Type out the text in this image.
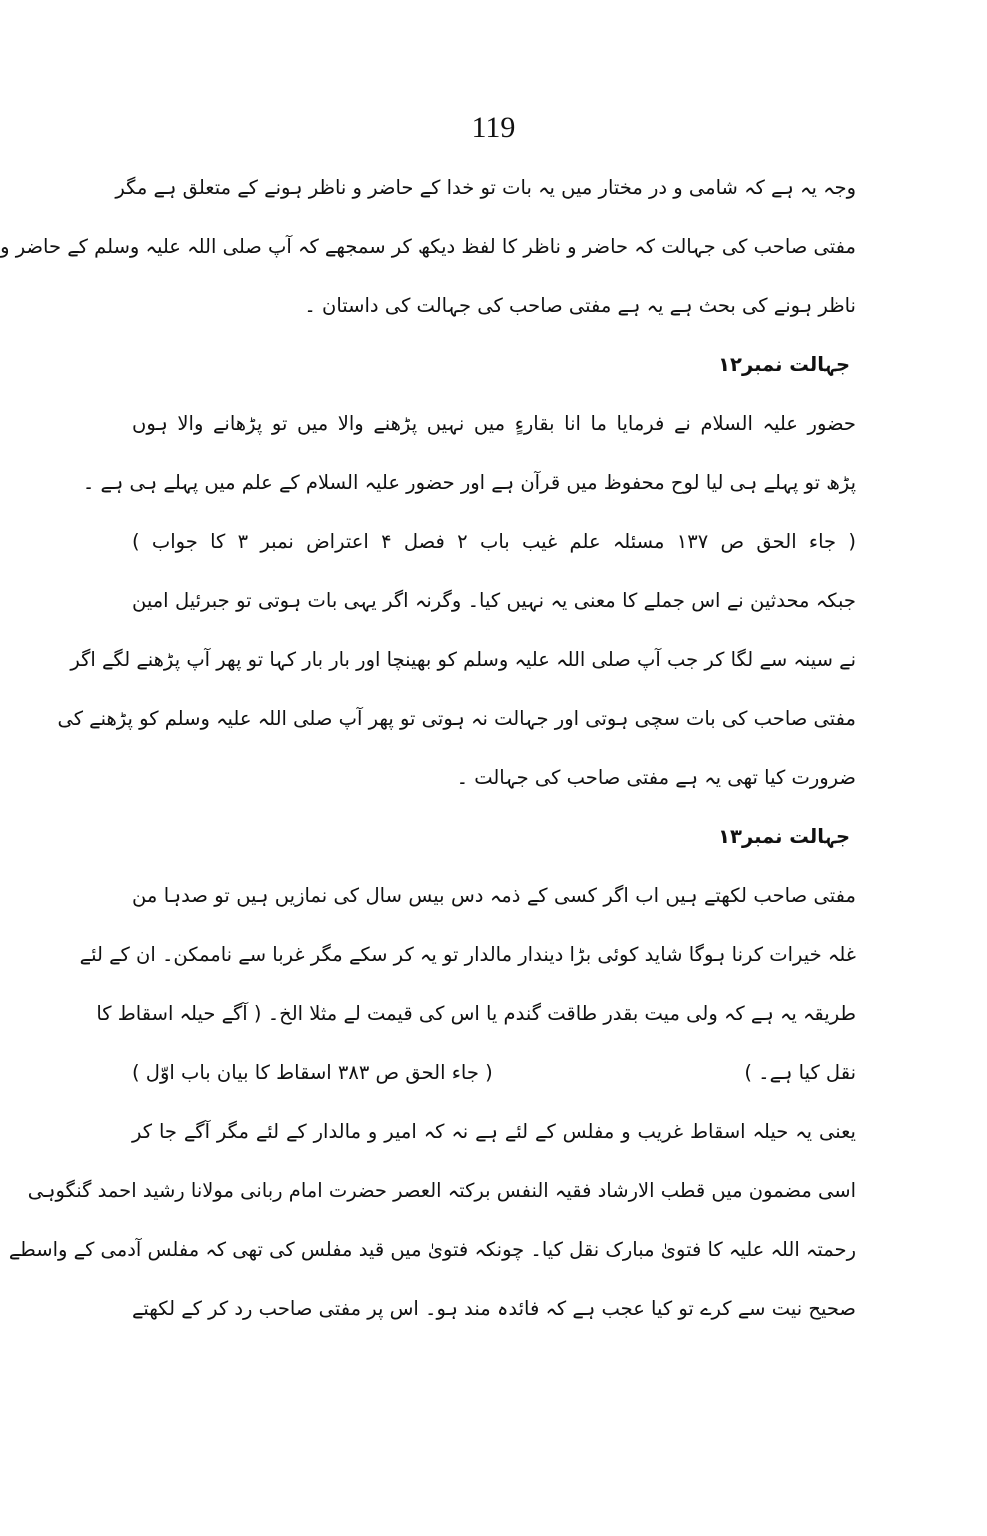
119
وجہ یہ ہے کہ شامی و در مختار میں یہ بات تو خدا کے حاضر و ناظر ہونے کے متعلق ہے مگر
مفتی صاحب کی جہالت کہ حاضر و ناظر کا لفظ دیکھ کر سمجھے کہ آپ صلی اللہ علیہ وسلم کے حاضر و
ناظر ہونے کی بحث ہے یہ ہے مفتی صاحب کی جہالت کی داستان ۔
جہالت نمبر۱۲
حضور علیہ السلام نے فرمایا ما انا بقارءٍ میں نہیں پڑھنے والا میں تو پڑھانے والا ہوں
پڑھ تو پہلے ہی لیا لوح محفوظ میں قرآن ہے اور حضور علیہ السلام کے علم میں پہلے ہی ہے ۔
( جاء الحق ص ۱۳۷ مسئلہ علم غیب باب ۲ فصل ۴ اعتراض نمبر ۳ کا جواب )
جبکہ محدثین نے اس جملے کا معنی یہ نہیں کیا۔ وگرنہ اگر یہی بات ہوتی تو جبرئیل امین
نے سینہ سے لگا کر جب آپ صلی اللہ علیہ وسلم کو بھینچا اور بار بار کہا تو پھر آپ پڑھنے لگے اگر
مفتی صاحب کی بات سچی ہوتی اور جہالت نہ ہوتی تو پھر آپ صلی اللہ علیہ وسلم کو پڑھنے کی
ضرورت کیا تھی یہ ہے مفتی صاحب کی جہالت ۔
جہالت نمبر۱۳
مفتی صاحب لکھتے ہیں اب اگر کسی کے ذمہ دس بیس سال کی نمازیں ہیں تو صدہا من
غلہ خیرات کرنا ہوگا شاید کوئی بڑا دیندار مالدار تو یہ کر سکے مگر غربا سے ناممکن۔ ان کے لئے
طریقہ یہ ہے کہ ولی میت بقدر طاقت گندم یا اس کی قیمت لے مثلا الخ۔ ( آگے حیلہ اسقاط کا
نقل کیا ہے۔ )
( جاء الحق ص ۳۸۳ اسقاط کا بیان باب اوّل )
یعنی یہ حیلہ اسقاط غریب و مفلس کے لئے ہے نہ کہ امیر و مالدار کے لئے مگر آگے جا کر
اسی مضمون میں قطب الارشاد فقیہ النفس برکتہ العصر حضرت امام ربانی مولانا رشید احمد گنگوہی
رحمتہ اللہ علیہ کا فتویٰ مبارک نقل کیا۔ چونکہ فتویٰ میں قید مفلس کی تھی کہ مفلس آدمی کے واسطے
صحیح نیت سے کرے تو کیا عجب ہے کہ فائدہ مند ہو۔ اس پر مفتی صاحب رد کر کے لکھتے
